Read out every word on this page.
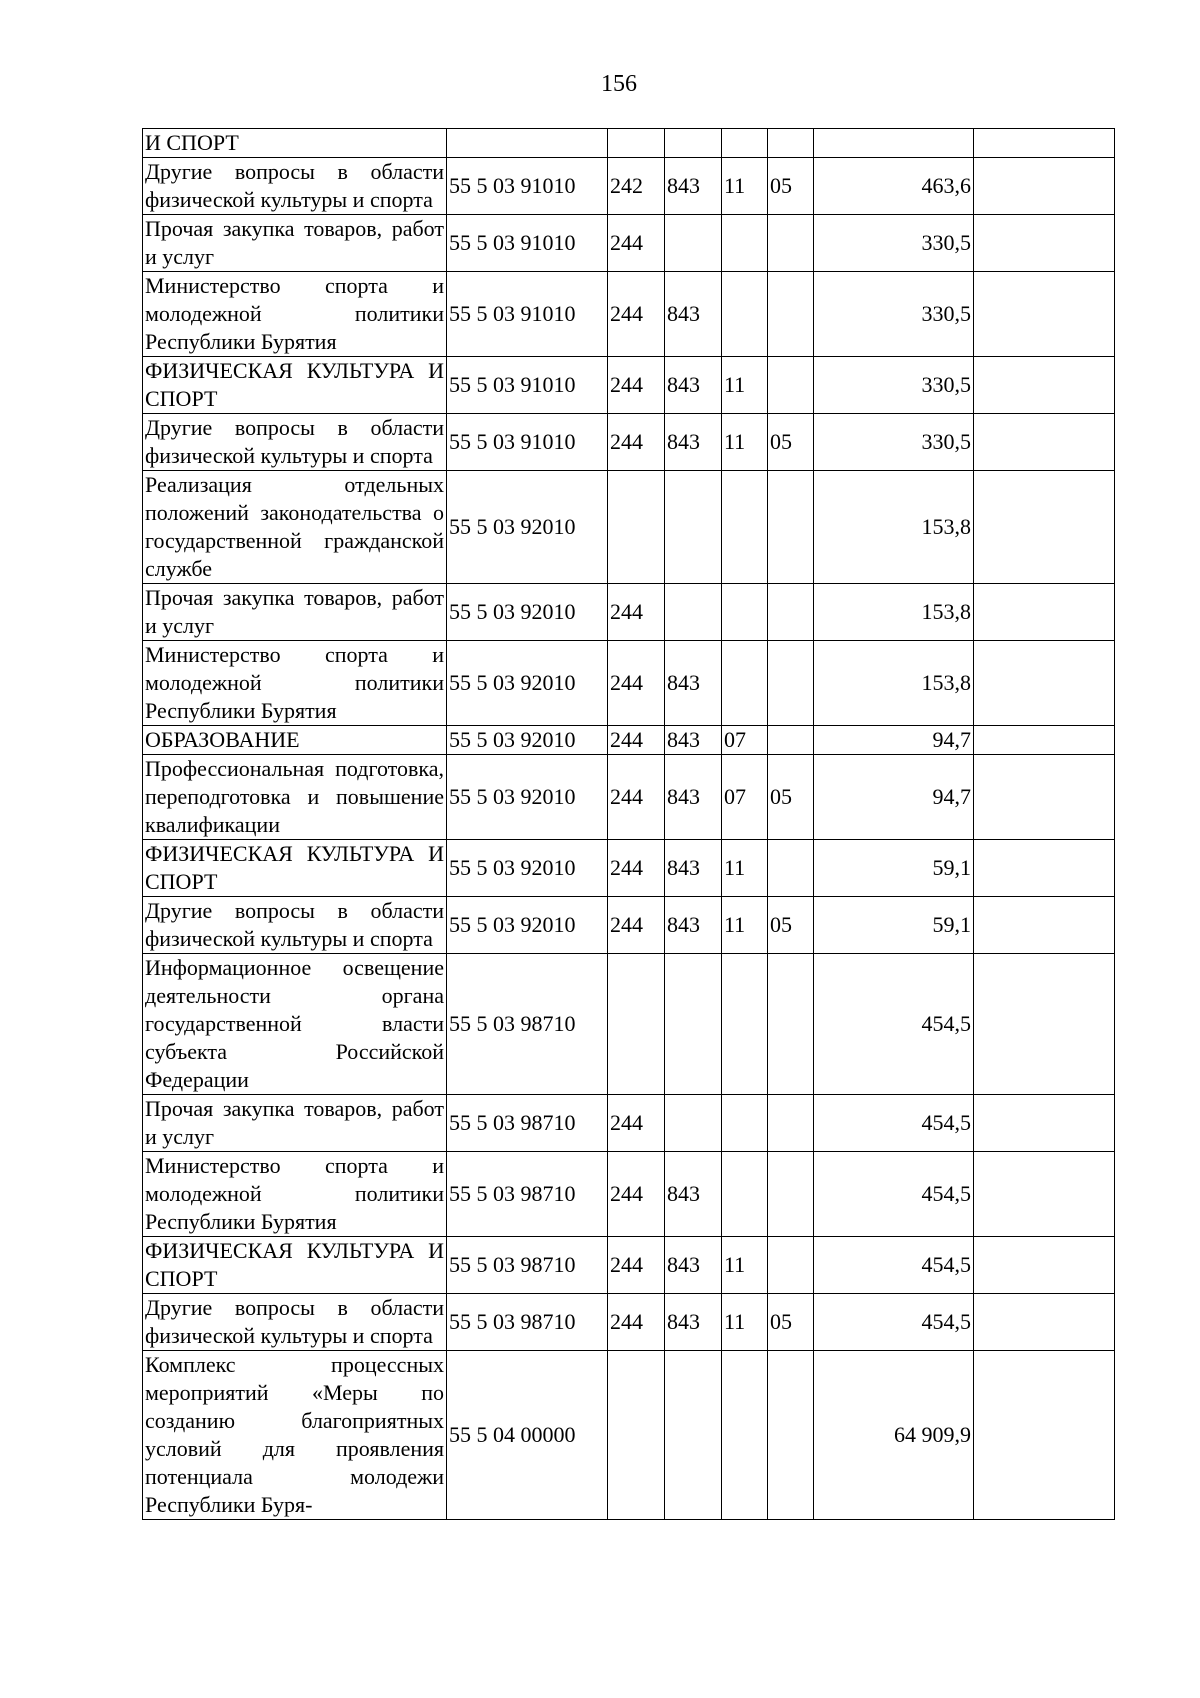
156
И СПОРТ							
Другие вопросы в области физической культуры и спорта	55 5 03 91010	242	843	11	05	463,6	
Прочая закупка товаров, работ и услуг	55 5 03 91010	244				330,5	
Министерство спорта и молодежной политики Республики Бурятия	55 5 03 91010	244	843			330,5	
ФИЗИЧЕСКАЯ КУЛЬТУРА И СПОРТ	55 5 03 91010	244	843	11		330,5	
Другие вопросы в области физической культуры и спорта	55 5 03 91010	244	843	11	05	330,5	
Реализация отдельных положений законодательства о государственной гражданской службе	55 5 03 92010					153,8	
Прочая закупка товаров, работ и услуг	55 5 03 92010	244				153,8	
Министерство спорта и молодежной политики Республики Бурятия	55 5 03 92010	244	843			153,8	
ОБРАЗОВАНИЕ	55 5 03 92010	244	843	07		94,7	
Профессиональная подготовка, переподготовка и повышение квалификации	55 5 03 92010	244	843	07	05	94,7	
ФИЗИЧЕСКАЯ КУЛЬТУРА И СПОРТ	55 5 03 92010	244	843	11		59,1	
Другие вопросы в области физической культуры и спорта	55 5 03 92010	244	843	11	05	59,1	
Информационное освещение деятельности органа государственной власти субъекта Российской Федерации	55 5 03 98710					454,5	
Прочая закупка товаров, работ и услуг	55 5 03 98710	244				454,5	
Министерство спорта и молодежной политики Республики Бурятия	55 5 03 98710	244	843			454,5	
ФИЗИЧЕСКАЯ КУЛЬТУРА И СПОРТ	55 5 03 98710	244	843	11		454,5	
Другие вопросы в области физической культуры и спорта	55 5 03 98710	244	843	11	05	454,5	
Комплекс процессных мероприятий «Меры по созданию благоприятных условий для проявления потенциала молодежи Республики Буря-	55 5 04 00000					64 909,9	
